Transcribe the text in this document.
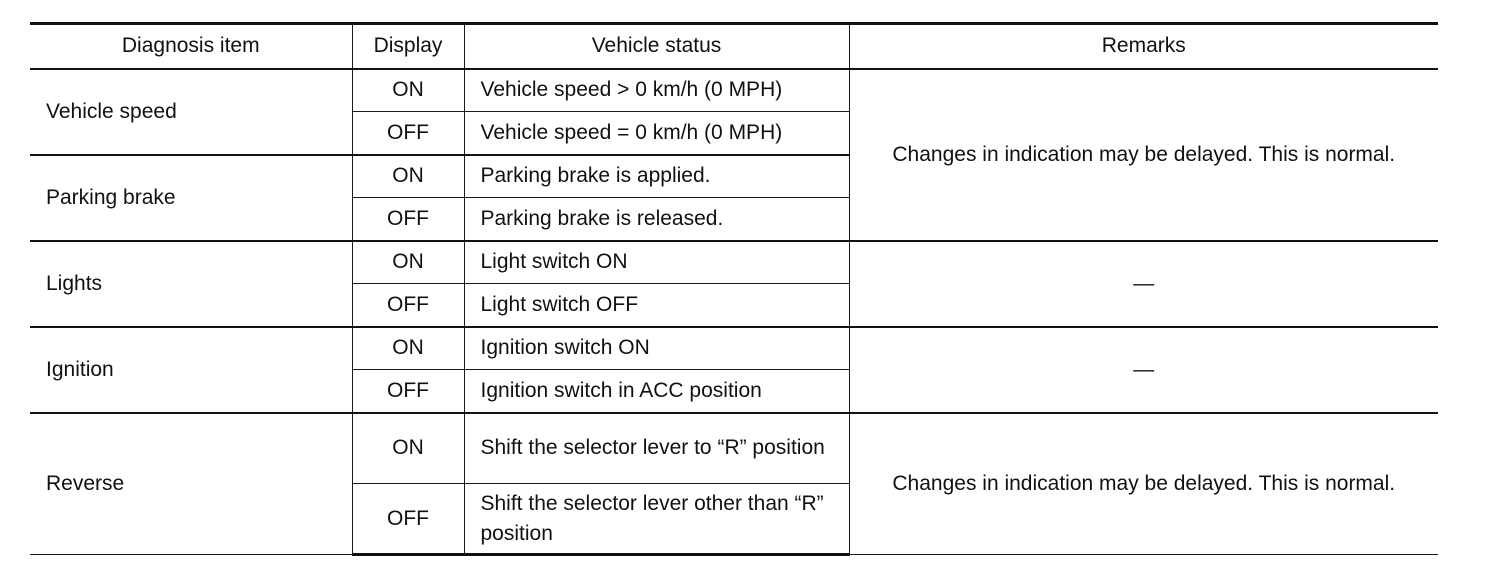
Diagnosis item	Display	Vehicle status	Remarks
Vehicle speed	ON	Vehicle speed > 0 km/h (0 MPH)	Changes in indication may be delayed. This is normal.
	OFF	Vehicle speed = 0 km/h (0 MPH)	
Parking brake	ON	Parking brake is applied.	
	OFF	Parking brake is released.	
Lights	ON	Light switch ON	—
	OFF	Light switch OFF	
Ignition	ON	Ignition switch ON	—
	OFF	Ignition switch in ACC position	
Reverse	ON	Shift the selector lever to “R” position	Changes in indication may be delayed. This is normal.
	OFF	Shift the selector lever other than “R” position	
